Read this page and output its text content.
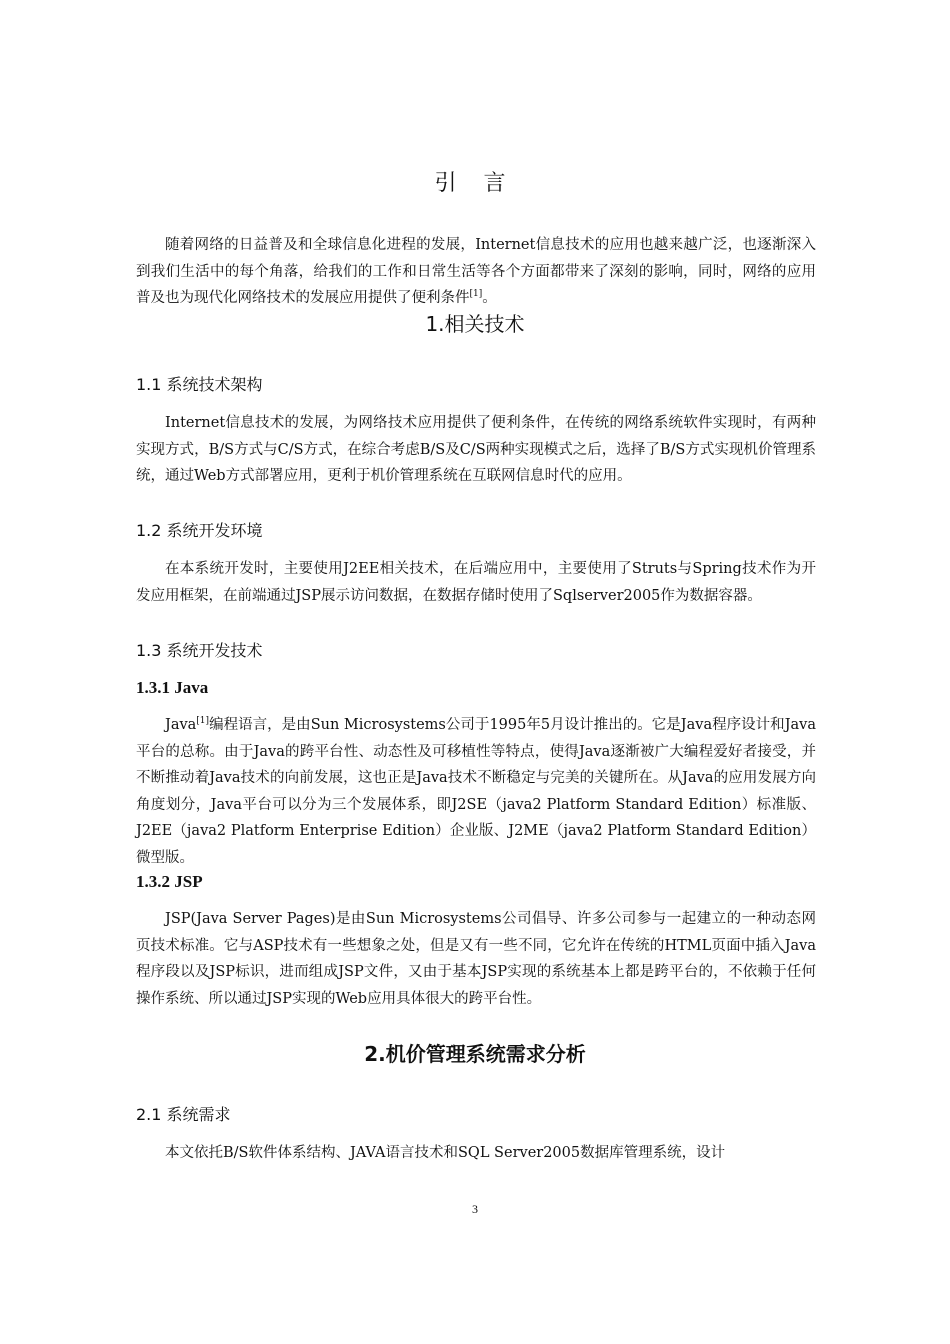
引 言

随着网络的日益普及和全球信息化进程的发展，Internet信息技术的应用也越来越广泛，也逐渐深入到我们生活中的每个角落，给我们的工作和日常生活等各个方面都带来了深刻的影响，同时，网络的应用普及也为现代化网络技术的发展应用提供了便利条件[1]。

1.相关技术
1.1 系统技术架构

Internet信息技术的发展，为网络技术应用提供了便利条件，在传统的网络系统软件实现时，有两种实现方式，B/S方式与C/S方式，在综合考虑B/S及C/S两种实现模式之后，选择了B/S方式实现机价管理系统，通过Web方式部署应用，更利于机价管理系统在互联网信息时代的应用。

1.2 系统开发环境

在本系统开发时，主要使用J2EE相关技术，在后端应用中，主要使用了Struts与Spring技术作为开发应用框架，在前端通过JSP展示访问数据，在数据存储时使用了Sqlserver2005作为数据容器。

1.3 系统开发技术
1.3.1 Java

Java[1]编程语言，是由Sun Microsystems公司于1995年5月设计推出的。它是Java程序设计和Java平台的总称。由于Java的跨平台性、动态性及可移植性等特点，使得Java逐渐被广大编程爱好者接受，并不断推动着Java技术的向前发展，这也正是Java技术不断稳定与完美的关键所在。从Java的应用发展方向角度划分，Java平台可以分为三个发展体系，即J2SE（java2 Platform Standard Edition）标准版、J2EE（java2 Platform Enterprise Edition）企业版、J2ME（java2 Platform Standard Edition）微型版。

1.3.2 JSP

JSP(Java Server Pages)是由Sun Microsystems公司倡导、许多公司参与一起建立的一种动态网页技术标准。它与ASP技术有一些想象之处，但是又有一些不同，它允许在传统的HTML页面中插入Java程序段以及JSP标识，进而组成JSP文件，又由于基本JSP实现的系统基本上都是跨平台的，不依赖于任何操作系统、所以通过JSP实现的Web应用具体很大的跨平台性。

2.机价管理系统需求分析
2.1 系统需求

本文依托B/S软件体系结构、JAVA语言技术和SQL Server2005数据库管理系统，设计

3
